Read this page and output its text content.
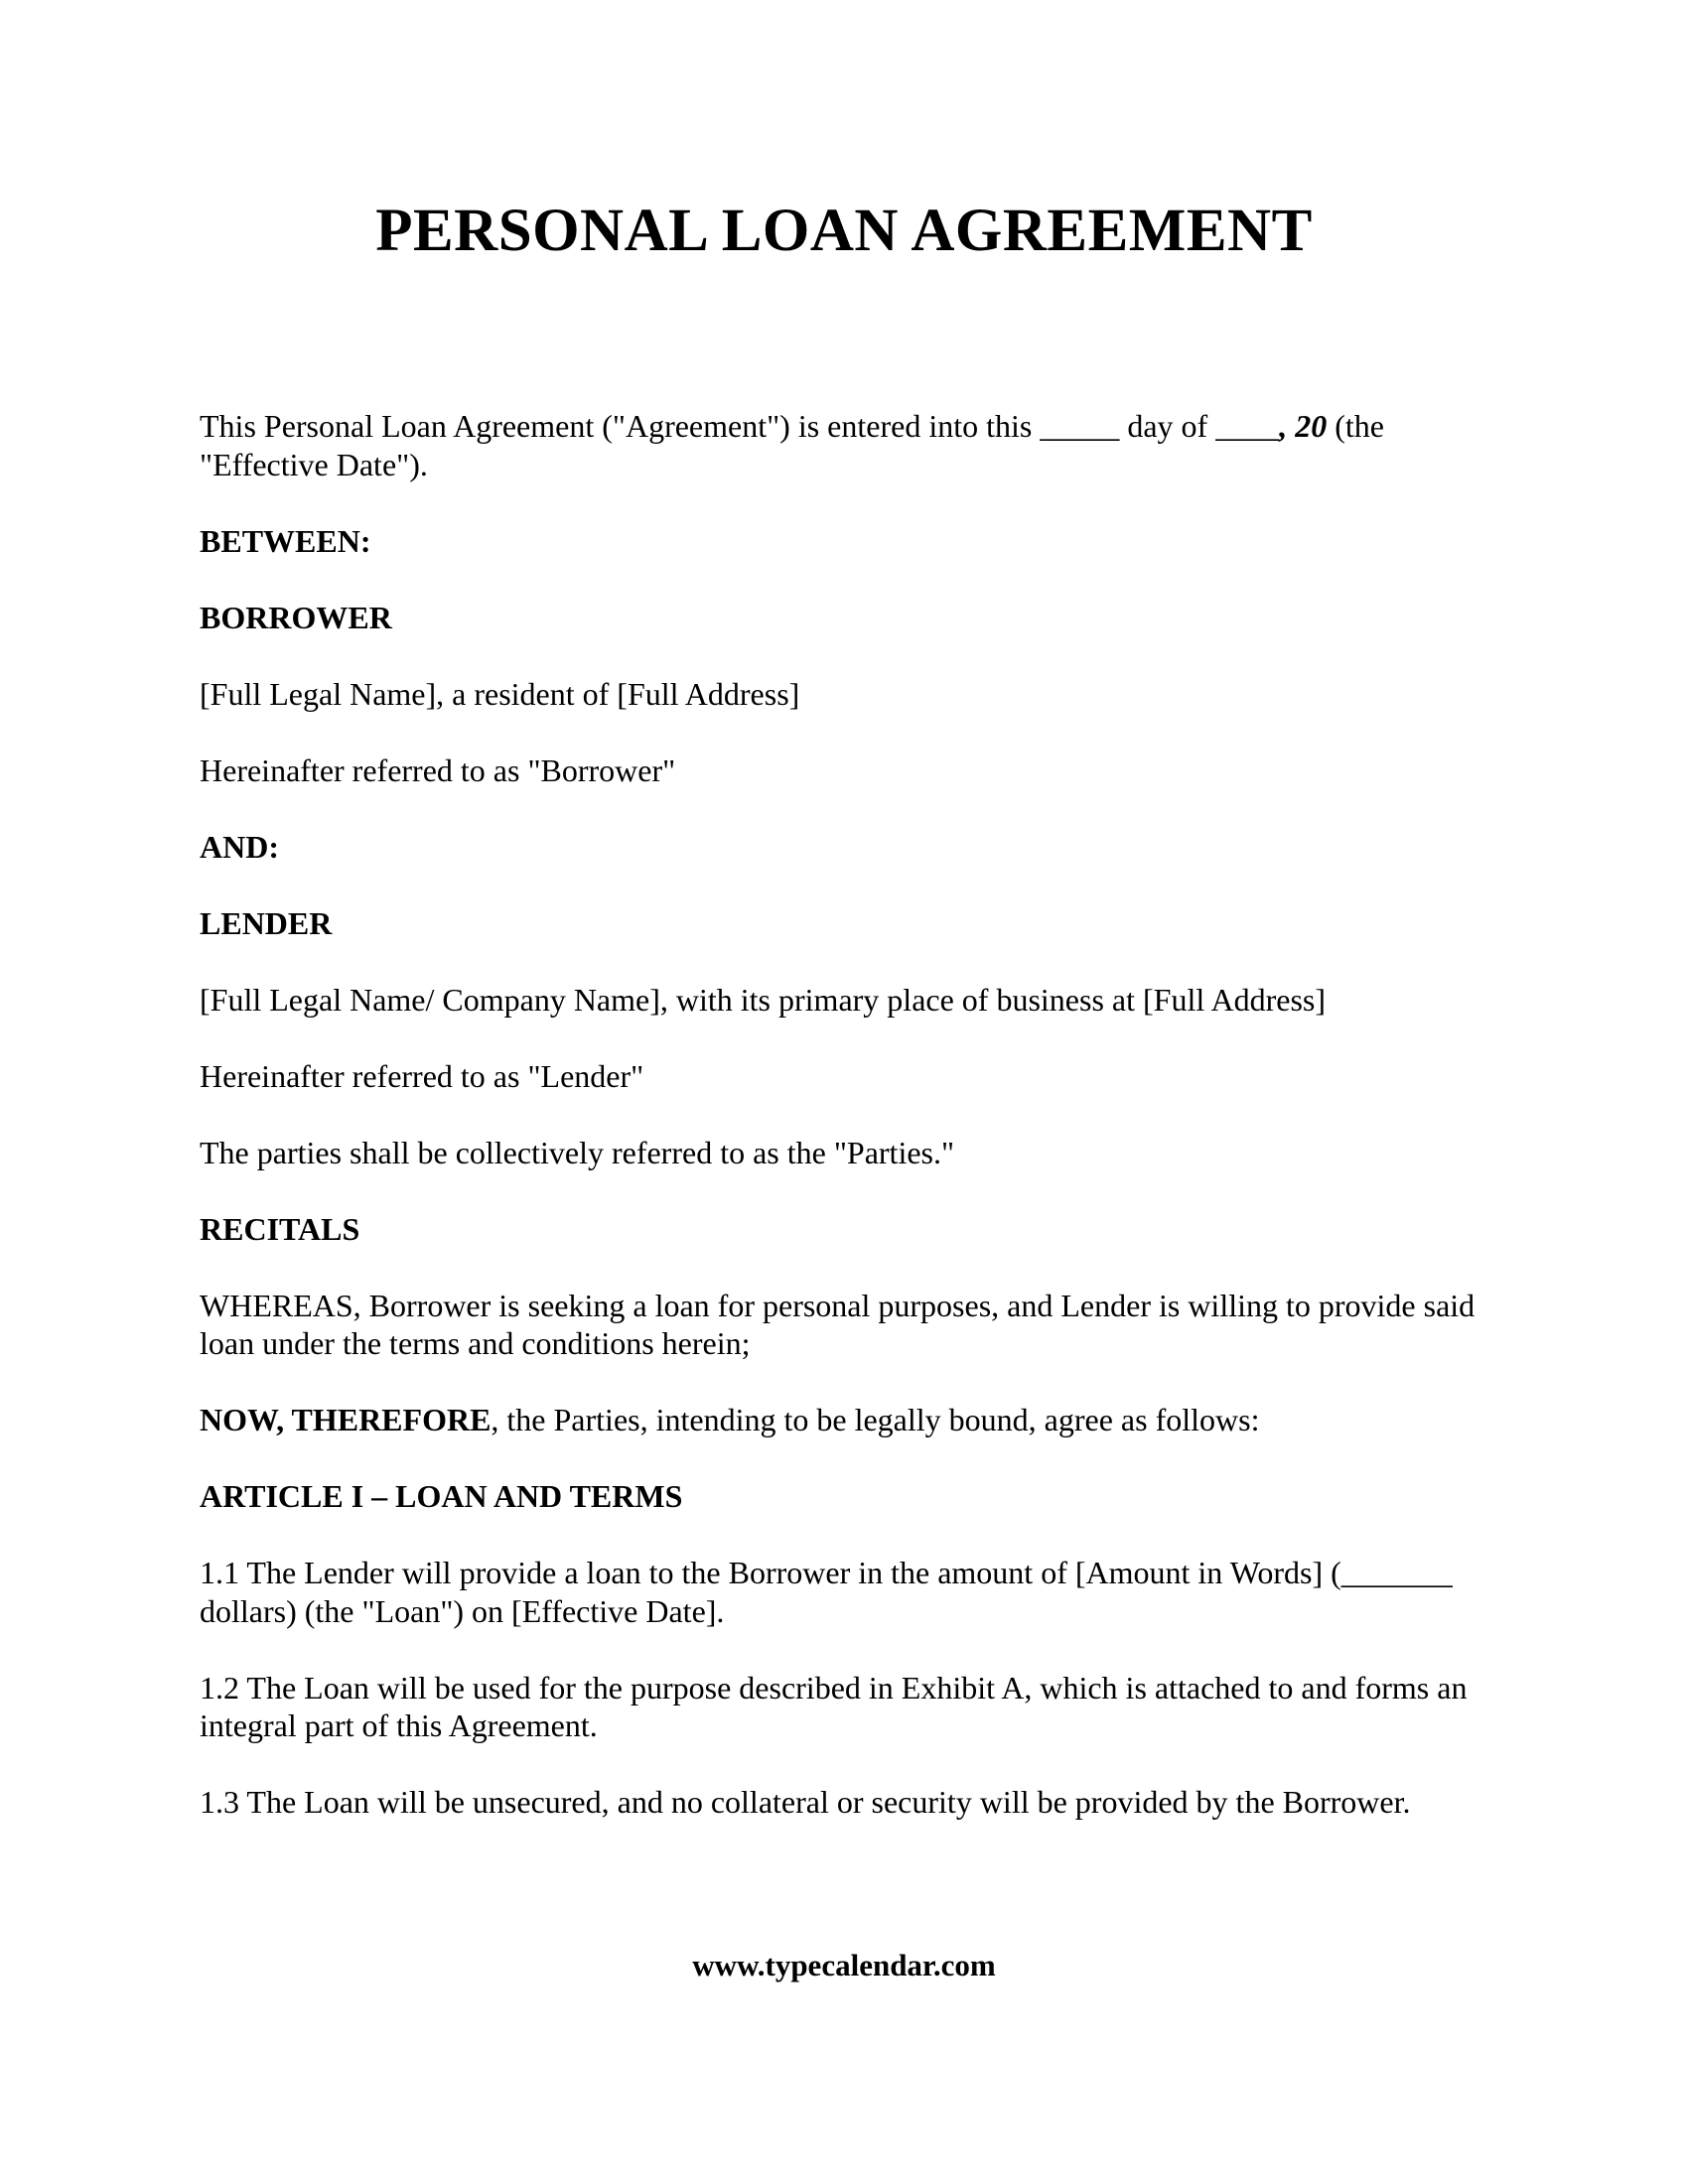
PERSONAL LOAN AGREEMENT

This Personal Loan Agreement ("Agreement") is entered into this _____ day of ____, 20 (the "Effective Date").

BETWEEN:

BORROWER

[Full Legal Name], a resident of [Full Address]

Hereinafter referred to as "Borrower"

AND:

LENDER

[Full Legal Name/ Company Name], with its primary place of business at [Full Address]

Hereinafter referred to as "Lender"

The parties shall be collectively referred to as the "Parties."

RECITALS

WHEREAS, Borrower is seeking a loan for personal purposes, and Lender is willing to provide said loan under the terms and conditions herein;

NOW, THEREFORE, the Parties, intending to be legally bound, agree as follows:

ARTICLE I – LOAN AND TERMS

1.1 The Lender will provide a loan to the Borrower in the amount of [Amount in Words] (_______ dollars) (the "Loan") on [Effective Date].

1.2 The Loan will be used for the purpose described in Exhibit A, which is attached to and forms an integral part of this Agreement.

1.3 The Loan will be unsecured, and no collateral or security will be provided by the Borrower.

www.typecalendar.com
